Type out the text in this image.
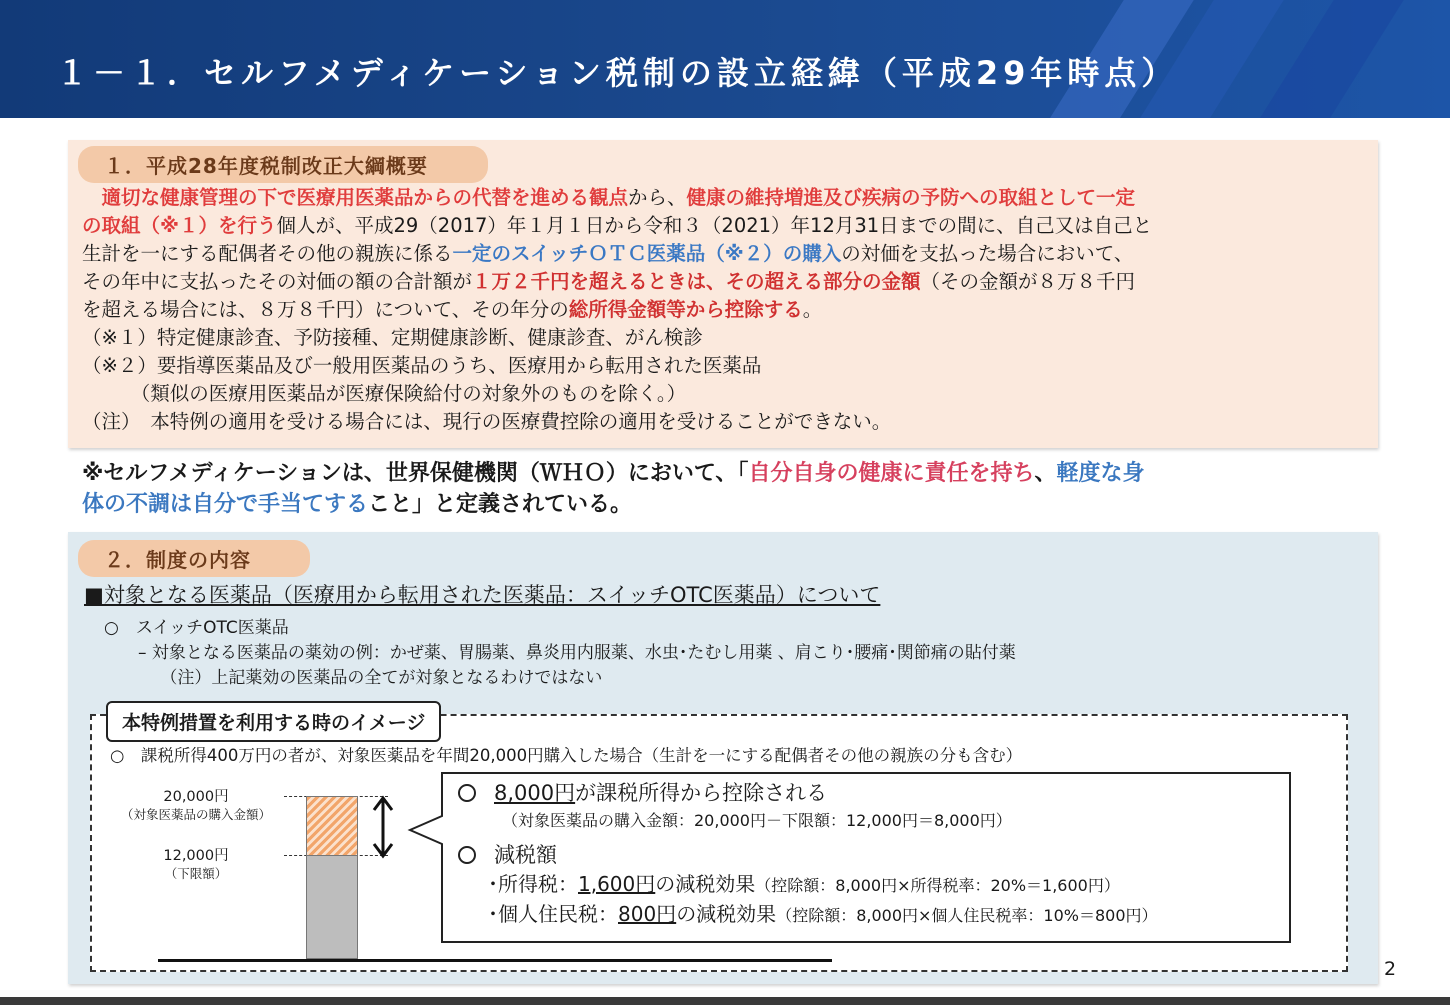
１－１．セルフメディケーション税制の設立経緯（平成29年時点）
１．平成28年度税制改正大綱概要

　適切な健康管理の下で医療用医薬品からの代替を進める観点から、健康の維持増進及び疾病の予防への取組として一定

の取組（※１）を行う個人が、平成29（2017）年１月１日から令和３（2021）年12月31日までの間に、自己又は自己と

生計を一にする配偶者その他の親族に係る一定のスイッチＯＴＣ医薬品（※２）の購入の対価を支払った場合において、

その年中に支払ったその対価の額の合計額が１万２千円を超えるときは、その超える部分の金額（その金額が８万８千円

を超える場合には、８万８千円）について、その年分の総所得金額等から控除する。

（※１）特定健康診査、予防接種、定期健康診断、健康診査、がん検診

（※２）要指導医薬品及び一般用医薬品のうち、医療用から転用された医薬品

　　　（類似の医療用医薬品が医療保険給付の対象外のものを除く。）

（注）　本特例の適用を受ける場合には、現行の医療費控除の適用を受けることができない。

※セルフメディケーションは、世界保健機関（ＷＨＯ）において、「自分自身の健康に責任を持ち、軽度な身

体の不調は自分で手当てすること」と定義されている。

２．制度の内容
■対象となる医薬品（医療用から転用された医薬品：スイッチOTC医薬品）について

○　スイッチOTC医薬品

　　– 対象となる医薬品の薬効の例：かぜ薬、胃腸薬、鼻炎用内服薬、水虫･たむし用薬 、肩こり･腰痛･関節痛の貼付薬

　　　 （注）上記薬効の医薬品の全てが対象となるわけではない

本特例措置を利用する時のイメージ
○　課税所得400万円の者が、対象医薬品を年間20,000円購入した場合（生計を一にする配偶者その他の親族の分も含む）
20,000円
（対象医薬品の購入金額）
12,000円
（下限額）
8,000円が課税所得から控除される
（対象医薬品の購入金額：20,000円－下限額：12,000円＝8,000円）
減税額
･所得税：1,600円の減税効果（控除額：8,000円×所得税率：20%＝1,600円）
･個人住民税：800円の減税効果（控除額：8,000円×個人住民税率：10%＝800円）
2
